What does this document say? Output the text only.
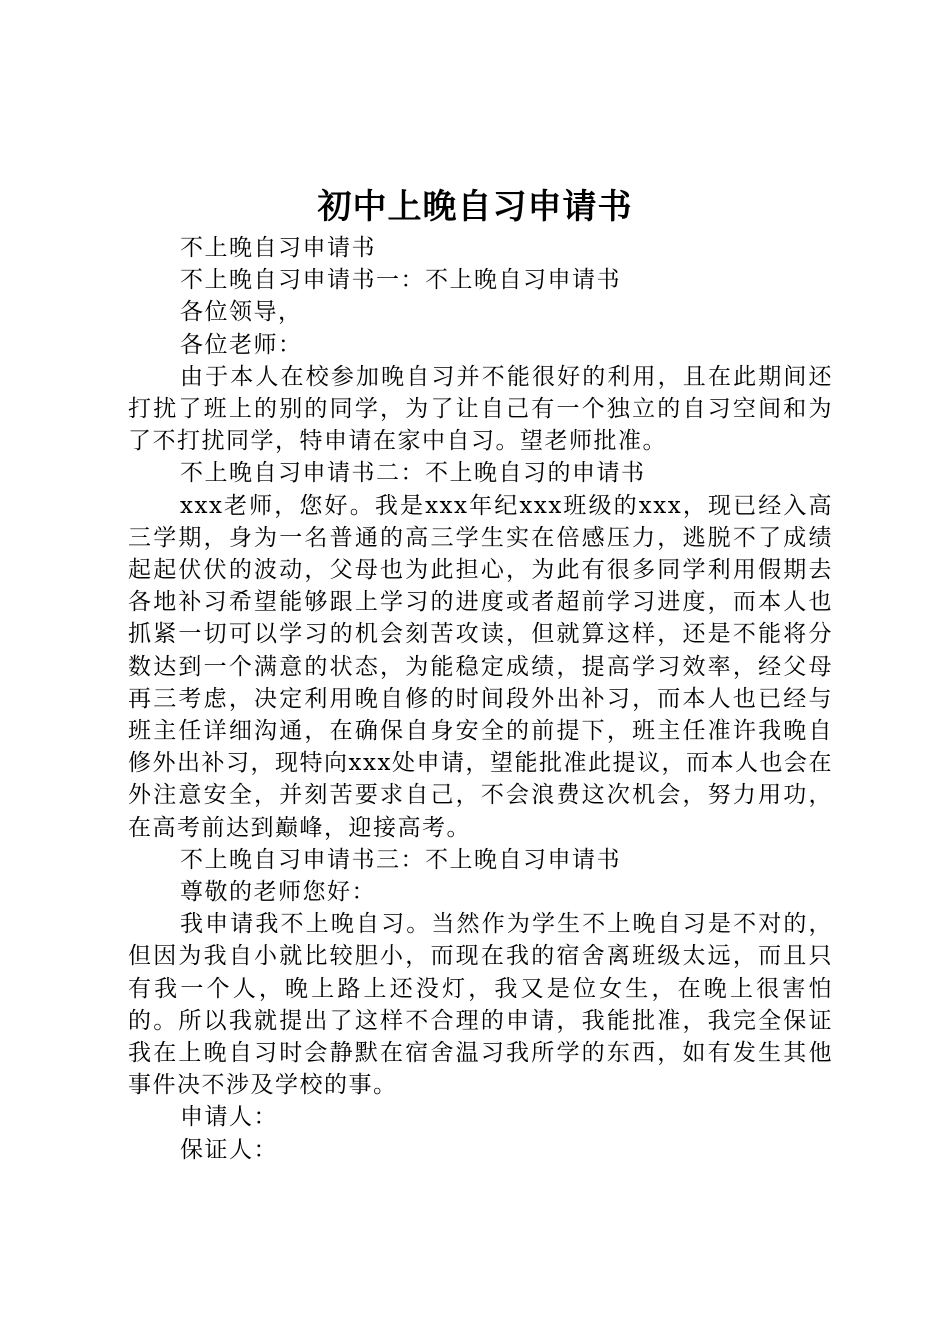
初中上晚自习申请书

不上晚自习申请书

不上晚自习申请书一：不上晚自习申请书

各位领导，

各位老师：

由于本人在校参加晚自习并不能很好的利用，且在此期间还打扰了班上的别的同学，为了让自己有一个独立的自习空间和为了不打扰同学，特申请在家中自习。望老师批准。

不上晚自习申请书二：不上晚自习的申请书

xxx老师，您好。我是xxx年纪xxx班级的xxx，现已经入高三学期，身为一名普通的高三学生实在倍感压力，逃脱不了成绩起起伏伏的波动，父母也为此担心，为此有很多同学利用假期去各地补习希望能够跟上学习的进度或者超前学习进度，而本人也抓紧一切可以学习的机会刻苦攻读，但就算这样，还是不能将分数达到一个满意的状态，为能稳定成绩，提高学习效率，经父母再三考虑，决定利用晚自修的时间段外出补习，而本人也已经与班主任详细沟通，在确保自身安全的前提下，班主任准许我晚自修外出补习，现特向xxx处申请，望能批准此提议，而本人也会在外注意安全，并刻苦要求自己，不会浪费这次机会，努力用功，在高考前达到巅峰，迎接高考。

不上晚自习申请书三：不上晚自习申请书

尊敬的老师您好：

我申请我不上晚自习。当然作为学生不上晚自习是不对的，但因为我自小就比较胆小，而现在我的宿舍离班级太远，而且只有我一个人，晚上路上还没灯，我又是位女生，在晚上很害怕的。所以我就提出了这样不合理的申请，我能批准，我完全保证我在上晚自习时会静默在宿舍温习我所学的东西，如有发生其他事件决不涉及学校的事。

申请人：

保证人：
